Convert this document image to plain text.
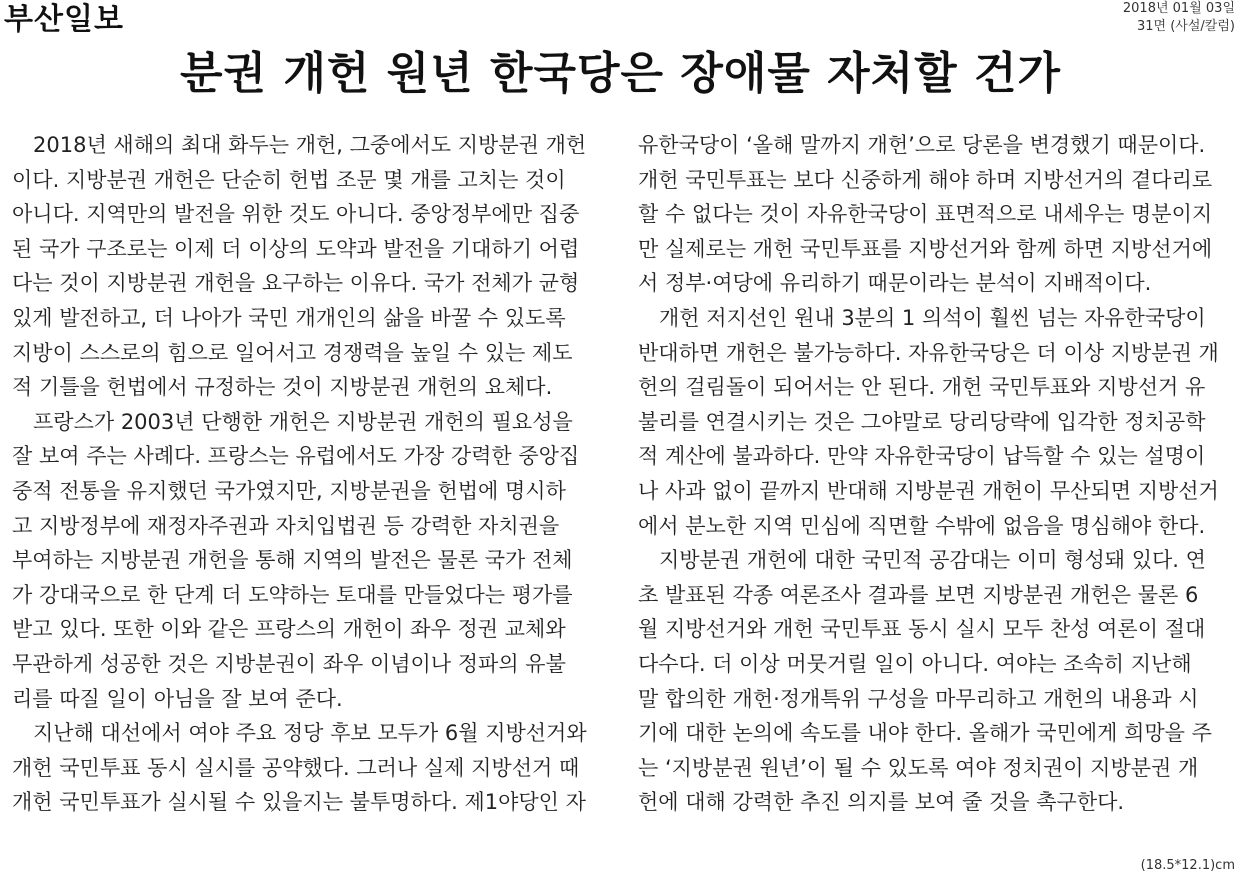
부산일보	2018년 01월 03일
31면 (사설/칼럼)
분권 개헌 원년 한국당은 장애물 자처할 건가

2018년 새해의 최대 화두는 개헌, 그중에서도 지방분권 개헌
이다. 지방분권 개헌은 단순히 헌법 조문 몇 개를 고치는 것이
아니다. 지역만의 발전을 위한 것도 아니다. 중앙정부에만 집중
된 국가 구조로는 이제 더 이상의 도약과 발전을 기대하기 어렵
다는 것이 지방분권 개헌을 요구하는 이유다. 국가 전체가 균형
있게 발전하고, 더 나아가 국민 개개인의 삶을 바꿀 수 있도록
지방이 스스로의 힘으로 일어서고 경쟁력을 높일 수 있는 제도
적 기틀을 헌법에서 규정하는 것이 지방분권 개헌의 요체다.

프랑스가 2003년 단행한 개헌은 지방분권 개헌의 필요성을
잘 보여 주는 사례다. 프랑스는 유럽에서도 가장 강력한 중앙집
중적 전통을 유지했던 국가였지만, 지방분권을 헌법에 명시하
고 지방정부에 재정자주권과 자치입법권 등 강력한 자치권을
부여하는 지방분권 개헌을 통해 지역의 발전은 물론 국가 전체
가 강대국으로 한 단계 더 도약하는 토대를 만들었다는 평가를
받고 있다. 또한 이와 같은 프랑스의 개헌이 좌우 정권 교체와
무관하게 성공한 것은 지방분권이 좌우 이념이나 정파의 유불
리를 따질 일이 아님을 잘 보여 준다.

지난해 대선에서 여야 주요 정당 후보 모두가 6월 지방선거와
개헌 국민투표 동시 실시를 공약했다. 그러나 실제 지방선거 때
개헌 국민투표가 실시될 수 있을지는 불투명하다. 제1야당인 자

유한국당이 ‘올해 말까지 개헌’으로 당론을 변경했기 때문이다.
개헌 국민투표는 보다 신중하게 해야 하며 지방선거의 곁다리로
할 수 없다는 것이 자유한국당이 표면적으로 내세우는 명분이지
만 실제로는 개헌 국민투표를 지방선거와 함께 하면 지방선거에
서 정부·여당에 유리하기 때문이라는 분석이 지배적이다.

개헌 저지선인 원내 3분의 1 의석이 훨씬 넘는 자유한국당이
반대하면 개헌은 불가능하다. 자유한국당은 더 이상 지방분권 개
헌의 걸림돌이 되어서는 안 된다. 개헌 국민투표와 지방선거 유
불리를 연결시키는 것은 그야말로 당리당략에 입각한 정치공학
적 계산에 불과하다. 만약 자유한국당이 납득할 수 있는 설명이
나 사과 없이 끝까지 반대해 지방분권 개헌이 무산되면 지방선거
에서 분노한 지역 민심에 직면할 수밖에 없음을 명심해야 한다.

지방분권 개헌에 대한 국민적 공감대는 이미 형성돼 있다. 연
초 발표된 각종 여론조사 결과를 보면 지방분권 개헌은 물론 6
월 지방선거와 개헌 국민투표 동시 실시 모두 찬성 여론이 절대
다수다. 더 이상 머뭇거릴 일이 아니다. 여야는 조속히 지난해
말 합의한 개헌·정개특위 구성을 마무리하고 개헌의 내용과 시
기에 대한 논의에 속도를 내야 한다. 올해가 국민에게 희망을 주
는 ‘지방분권 원년’이 될 수 있도록 여야 정치권이 지방분권 개
헌에 대해 강력한 추진 의지를 보여 줄 것을 촉구한다.

(18.5*12.1)cm
